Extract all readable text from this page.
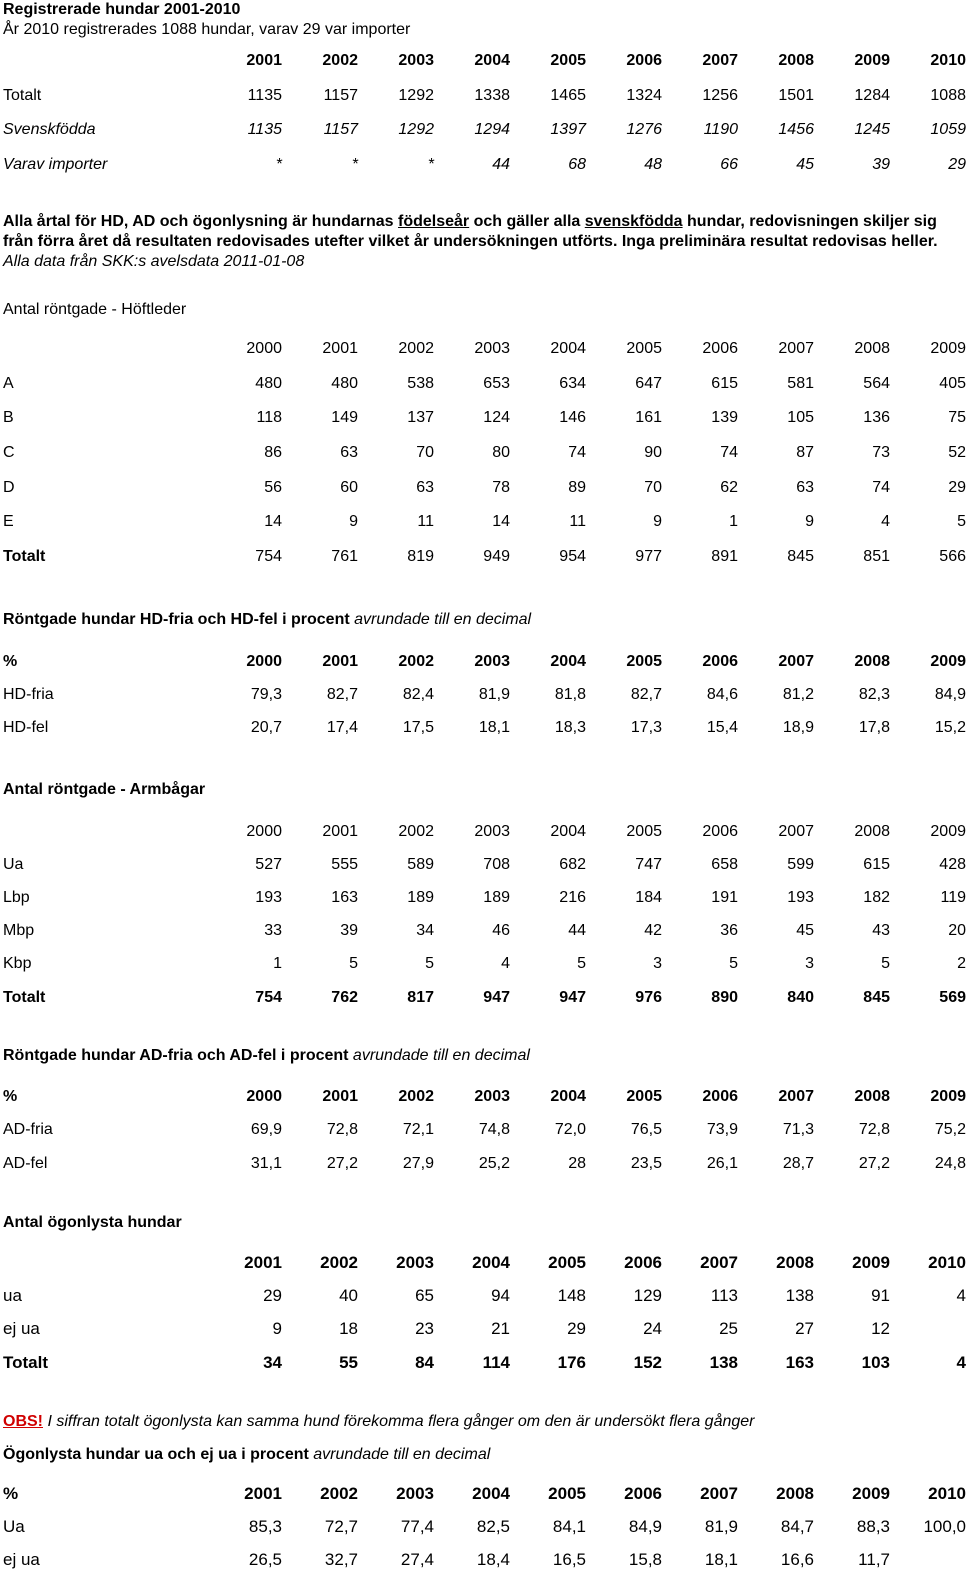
Registrerade hundar 2001-2010
År 2010 registrerades 1088 hundar, varav 29 var importer
	2001	2002	2003	2004	2005	2006	2007	2008	2009	2010
Totalt	1135	1157	1292	1338	1465	1324	1256	1501	1284	1088
Svenskfödda	1135	1157	1292	1294	1397	1276	1190	1456	1245	1059
Varav importer	*	*	*	44	68	48	66	45	39	29
Alla årtal för HD, AD och ögonlysning är hundarnas födelseår och gäller alla svenskfödda hundar, redovisningen skiljer sig från förra året då resultaten redovisades utefter vilket år undersökningen utförts. Inga preliminära resultat redovisas heller. Alla data från SKK:s avelsdata 2011-01-08
Antal röntgade - Höftleder
	2000	2001	2002	2003	2004	2005	2006	2007	2008	2009
A	480	480	538	653	634	647	615	581	564	405
B	118	149	137	124	146	161	139	105	136	75
C	86	63	70	80	74	90	74	87	73	52
D	56	60	63	78	89	70	62	63	74	29
E	14	9	11	14	11	9	1	9	4	5
Totalt	754	761	819	949	954	977	891	845	851	566
Röntgade hundar HD-fria och HD-fel i procent avrundade till en decimal
%	2000	2001	2002	2003	2004	2005	2006	2007	2008	2009
HD-fria	79,3	82,7	82,4	81,9	81,8	82,7	84,6	81,2	82,3	84,9
HD-fel	20,7	17,4	17,5	18,1	18,3	17,3	15,4	18,9	17,8	15,2
Antal röntgade - Armbågar
	2000	2001	2002	2003	2004	2005	2006	2007	2008	2009
Ua	527	555	589	708	682	747	658	599	615	428
Lbp	193	163	189	189	216	184	191	193	182	119
Mbp	33	39	34	46	44	42	36	45	43	20
Kbp	1	5	5	4	5	3	5	3	5	2
Totalt	754	762	817	947	947	976	890	840	845	569
Röntgade hundar AD-fria och AD-fel i procent avrundade till en decimal
%	2000	2001	2002	2003	2004	2005	2006	2007	2008	2009
AD-fria	69,9	72,8	72,1	74,8	72,0	76,5	73,9	71,3	72,8	75,2
AD-fel	31,1	27,2	27,9	25,2	28	23,5	26,1	28,7	27,2	24,8
Antal ögonlysta hundar
	2001	2002	2003	2004	2005	2006	2007	2008	2009	2010
ua	29	40	65	94	148	129	113	138	91	4
ej ua	9	18	23	21	29	24	25	27	12	
Totalt	34	55	84	114	176	152	138	163	103	4
OBS! I siffran totalt ögonlysta kan samma hund förekomma flera gånger om den är undersökt flera gånger
Ögonlysta hundar ua och ej ua i procent avrundade till en decimal
%	2001	2002	2003	2004	2005	2006	2007	2008	2009	2010
Ua	85,3	72,7	77,4	82,5	84,1	84,9	81,9	84,7	88,3	100,0
ej ua	26,5	32,7	27,4	18,4	16,5	15,8	18,1	16,6	11,7	
